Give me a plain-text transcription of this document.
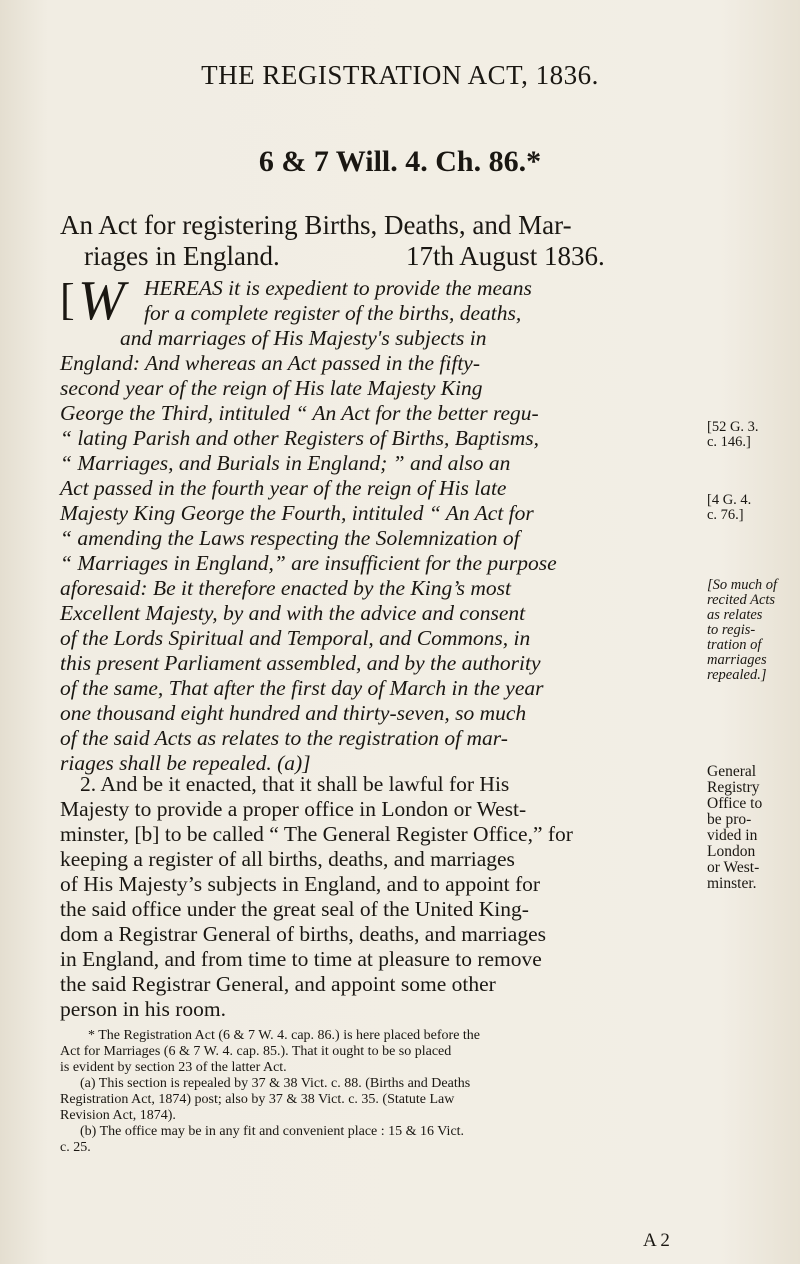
THE REGISTRATION ACT, 1836.
6 & 7 Will. 4. Ch. 86.*
An Act for registering Births, Deaths, and Mar-
riages in England.	17th August 1836.
[ W HEREAS it is expedient to provide the means
for a complete register of the births, deaths,
and marriages of His Majesty's subjects in
England: And whereas an Act passed in the fifty-
second year of the reign of His late Majesty King
George the Third, intituled “ An Act for the better regu-
“ lating Parish and other Registers of Births, Baptisms,
“ Marriages, and Burials in England; ” and also an
Act passed in the fourth year of the reign of His late
Majesty King George the Fourth, intituled “ An Act for
“ amending the Laws respecting the Solemnization of
“ Marriages in England,” are insufficient for the purpose
aforesaid: Be it therefore enacted by the King’s most
Excellent Majesty, by and with the advice and consent
of the Lords Spiritual and Temporal, and Commons, in
this present Parliament assembled, and by the authority
of the same, That after the first day of March in the year
one thousand eight hundred and thirty-seven, so much
of the said Acts as relates to the registration of mar-
riages shall be repealed. (a)]
2. And be it enacted, that it shall be lawful for His
Majesty to provide a proper office in London or West-
minster, [b] to be called “ The General Register Office,” for
keeping a register of all births, deaths, and marriages
of His Majesty’s subjects in England, and to appoint for
the said office under the great seal of the United King-
dom a Registrar General of births, deaths, and marriages
in England, and from time to time at pleasure to remove
the said Registrar General, and appoint some other
person in his room.
[52 G. 3.
c. 146.]
[4 G. 4.
c. 76.]
[So much of
recited Acts
as relates
to regis-
tration of
marriages
repealed.]
General
Registry
Office to
be pro-
vided in
London
or West-
minster.
* The Registration Act (6 & 7 W. 4. cap. 86.) is here placed before the
Act for Marriages (6 & 7 W. 4. cap. 85.). That it ought to be so placed
is evident by section 23 of the latter Act.
(a) This section is repealed by 37 & 38 Vict. c. 88. (Births and Deaths
Registration Act, 1874) post; also by 37 & 38 Vict. c. 35. (Statute Law
Revision Act, 1874).
(b) The office may be in any fit and convenient place : 15 & 16 Vict.
c. 25.
A 2
